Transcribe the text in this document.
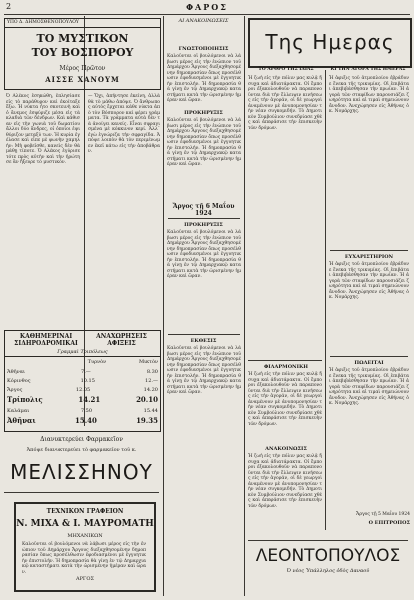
2	ΦΑΡΟΣ
ΥΠΟ Δ. ΔΗΜΟΣΘΕΝΟΠΟΥΛΟΥ
ΤΟ ΜΥΣΤΙΚΟΝ
ΤΟΥ ΒΟΣΠΟΡΟΥ
Μέρος Πρῶτον
ΑΙΣΣΕ ΧΑΝΟΥΜ
Ὁ Αλέκος ἐσηκώθη, ἐπλησίασε εἰς τὸ παράθυρον καὶ ἐκοίταξε ἔξω. Ἡ νύκτα ἦτο σκοτεινὴ καὶ ὁ ἄνεμος ἐσφύριζε μέσα εἰς τὰ κλαδιὰ τῶν δένδρων. Καὶ κάθισαν εἰς τὴν γωνιὰ τοῦ δωματίου ἄλλοι δύο ἄνδρες, οἱ ὁποῖοι ἐψιθύριζον μεταξύ των. Ἡ κυρία ἐγέλασε καὶ εἶπε μὲ φωνὴν χαμηλήν: Μὴ φοβεῖσθε, κανεὶς δὲν θὰ μάθῃ τίποτε. Ὁ Αλέκος ἐγύρισε τότε πρὸς αὐτὴν καὶ τὴν ἠρώτησε ἂν ἤξευρε τὸ μυστικόν.
— Ὄχι, ἀπήντησε ἐκείνη, ἀλλὰ θὰ τὸ μάθω ἀπόψε. Ὁ ἄνθρωπος αὐτὸς ἔρχεται κάθε νύκτα ἀπὸ τὸν Βόσπορον καὶ φέρει γράμματα. Τὰ γράμματα αὐτὰ δὲν τὰ ἀνοίγει κανείς. Εἶναι σφραγισμένα μὲ κόκκινον κερί. Ἀλλ᾽ ἐγὼ ἐγνώριζα τὴν σφραγίδα. Ἀπόψε λοιπὸν θὰ τὸν περιμένωμεν ἐκεῖ κάτω εἰς τὴν ἀποβάθραν.
ΚΑΘΗΜΕΡΙΝΑΙ ΣΙΔΗΡΟΔΡΟΜΙΚΑΙ
ΑΝΑΧΩΡΗΣΕΙΣ ΑΦΙΞΕΙΣ
Γραμμαὶ Τριπόλεως
Τυρνὸν	Μικτὸν
Ἀθῆναι	7.—	8.30
Κόρινθος	10.15	12.—
Ἄργος	12.05	14.20
Τρίπολις	14.21	20.10
Καλάμαι	7.50	15.44
Ἀθῆναι	15.40	19.35
Διανυκτερεύει Φαρμακεῖον
Ἀπόψε διανυκτερεύει τὸ φαρμακεῖον τοῦ κ.
ΜΕΛΙΣΣΗΝΟΥ
ΤΕΧΝΙΚΟΝ ΓΡΑΦΕΙΟΝ
Ν. ΜΙΧΑ & Ι. ΜΑΥΡΟΜΑΤΗ
ΜΗΧΑΝΙΚΩΝ
Καλοῦνται οἱ βουλόμενοι νὰ λάβωσι μέρος εἰς τὴν ἐνώπιον τοῦ Δημάρχου Ἄργους διεξαχθησομένην δημοπρασίαν ὅπως προσέλθωσιν ἐφοδιασμένοι μὲ ἐγγυητικὴν ἐπιστολήν. Ἡ δημοπρασία θὰ γίνῃ ἐν τῷ Δημαρχιακῷ καταστήματι κατὰ τὴν ὡρισμένην ἡμέραν καὶ ὥραν.
ΑΡΓΟΣ
ΑΙ ΑΝΑΚΟΙΝΩΣΕΙΣ
ΓΝΩΣΤΟΠΟΙΗΣΙΣ
Καλοῦνται οἱ βουλόμενοι νὰ λάβωσι μέρος εἰς τὴν ἐνώπιον τοῦ Δημάρχου Ἄργους διεξαχθησομένην δημοπρασίαν ὅπως προσέλθωσιν ἐφοδιασμένοι μὲ ἐγγυητικὴν ἐπιστολήν. Ἡ δημοπρασία θὰ γίνῃ ἐν τῷ Δημαρχιακῷ καταστήματι κατὰ τὴν ὡρισμένην ἡμέραν καὶ ὥραν.
ΠΡΟΚΗΡΥΞΙΣ
Καλοῦνται οἱ βουλόμενοι νὰ λάβωσι μέρος εἰς τὴν ἐνώπιον τοῦ Δημάρχου Ἄργους διεξαχθησομένην δημοπρασίαν ὅπως προσέλθωσιν ἐφοδιασμένοι μὲ ἐγγυητικὴν ἐπιστολήν. Ἡ δημοπρασία θὰ γίνῃ ἐν τῷ Δημαρχιακῷ καταστήματι κατὰ τὴν ὡρισμένην ἡμέραν καὶ ὥραν.
Ἄργος τῇ 6 Μαΐου 1924
ΠΡΟΚΗΡΥΞΙΣ
Καλοῦνται οἱ βουλόμενοι νὰ λάβωσι μέρος εἰς τὴν ἐνώπιον τοῦ Δημάρχου Ἄργους διεξαχθησομένην δημοπρασίαν ὅπως προσέλθωσιν ἐφοδιασμένοι μὲ ἐγγυητικὴν ἐπιστολήν. Ἡ δημοπρασία θὰ γίνῃ ἐν τῷ Δημαρχιακῷ καταστήματι κατὰ τὴν ὡρισμένην ἡμέραν καὶ ὥραν.
ΕΚΘΕΣΙΣ
Καλοῦνται οἱ βουλόμενοι νὰ λάβωσι μέρος εἰς τὴν ἐνώπιον τοῦ Δημάρχου Ἄργους διεξαχθησομένην δημοπρασίαν ὅπως προσέλθωσιν ἐφοδιασμένοι μὲ ἐγγυητικὴν ἐπιστολήν. Ἡ δημοπρασία θὰ γίνῃ ἐν τῷ Δημαρχιακῷ καταστήματι κατὰ τὴν ὡρισμένην ἡμέραν καὶ ὥραν.
Της Ημερας
ΤΟ ΑΡΘΡΟ ΤΗΣ ΙΔΙΑΣ	ΚΙ ΤΗΝ ΑΓΟΡΑ ΤΗΣ ΗΜΕΡΑΣ
Ἡ ζωὴ εἰς τὴν πόλιν μας κυλᾷ ἥσυχα καὶ ἀδιατάρακτα. Οἱ ἔμποροι ἐξακολουθοῦν νὰ παραπονοῦνται διὰ τὴν ἔλλειψιν κινήσεως εἰς τὴν ἀγοράν, οἱ δὲ γεωργοὶ ἀναμένουν μὲ ἀνυπομονησίαν τὴν νέαν συγκομιδήν. Τὸ Δημοτικὸν Συμβούλιον συνεδρίασε χθὲς καὶ ἀπεφάσισε τὴν ἐπισκευὴν τῶν δρόμων.
ΦΙΛΑΡΜΟΝΙΚΗ
Ἡ ζωὴ εἰς τὴν πόλιν μας κυλᾷ ἥσυχα καὶ ἀδιατάρακτα. Οἱ ἔμποροι ἐξακολουθοῦν νὰ παραπονοῦνται διὰ τὴν ἔλλειψιν κινήσεως εἰς τὴν ἀγοράν, οἱ δὲ γεωργοὶ ἀναμένουν μὲ ἀνυπομονησίαν τὴν νέαν συγκομιδήν. Τὸ Δημοτικὸν Συμβούλιον συνεδρίασε χθὲς καὶ ἀπεφάσισε τὴν ἐπισκευὴν τῶν δρόμων.
ΑΝΑΚΟΙΝΩΣΙΣ
Ἡ ζωὴ εἰς τὴν πόλιν μας κυλᾷ ἥσυχα καὶ ἀδιατάρακτα. Οἱ ἔμποροι ἐξακολουθοῦν νὰ παραπονοῦνται διὰ τὴν ἔλλειψιν κινήσεως εἰς τὴν ἀγοράν, οἱ δὲ γεωργοὶ ἀναμένουν μὲ ἀνυπομονησίαν τὴν νέαν συγκομιδήν. Τὸ Δημοτικὸν Συμβούλιον συνεδρίασε χθὲς καὶ ἀπεφάσισε τὴν ἐπισκευὴν τῶν δρόμων.
Ἡ ἀφιξις τοῦ ἀτμοπλοίου ἐβράδυνε ἕνεκα τῆς τρικυμίας. Οἱ ἐπιβάται ἀπεβιβάσθησαν τὴν πρωΐαν. Ἡ ἀγορὰ τῶν σταφίδων παρουσιάζει ζωηρότητα καὶ αἱ τιμαὶ σημειώνουν ἄνοδον. Ἀνεχώρησεν εἰς Ἀθήνας ὁ κ. Νομάρχης.
ΕΥΧΑΡΙΣΤΗΡΙΟΝ
Ἡ ἀφιξις τοῦ ἀτμοπλοίου ἐβράδυνε ἕνεκα τῆς τρικυμίας. Οἱ ἐπιβάται ἀπεβιβάσθησαν τὴν πρωΐαν. Ἡ ἀγορὰ τῶν σταφίδων παρουσιάζει ζωηρότητα καὶ αἱ τιμαὶ σημειώνουν ἄνοδον. Ἀνεχώρησεν εἰς Ἀθήνας ὁ κ. Νομάρχης.
ΠΩΛΕΙΤΑΙ
Ἡ ἀφιξις τοῦ ἀτμοπλοίου ἐβράδυνε ἕνεκα τῆς τρικυμίας. Οἱ ἐπιβάται ἀπεβιβάσθησαν τὴν πρωΐαν. Ἡ ἀγορὰ τῶν σταφίδων παρουσιάζει ζωηρότητα καὶ αἱ τιμαὶ σημειώνουν ἄνοδον. Ἀνεχώρησεν εἰς Ἀθήνας ὁ κ. Νομάρχης.
Ἄργος τῇ 5 Μαΐου 1924
Ο ΕΠΙΤΡΟΠΟΣ
ΛΕΟΝΤΟΠΟΥΛΟΣ
Ὁ νέος Ὑπάλληλος ὁδὸς Δαναοῦ
